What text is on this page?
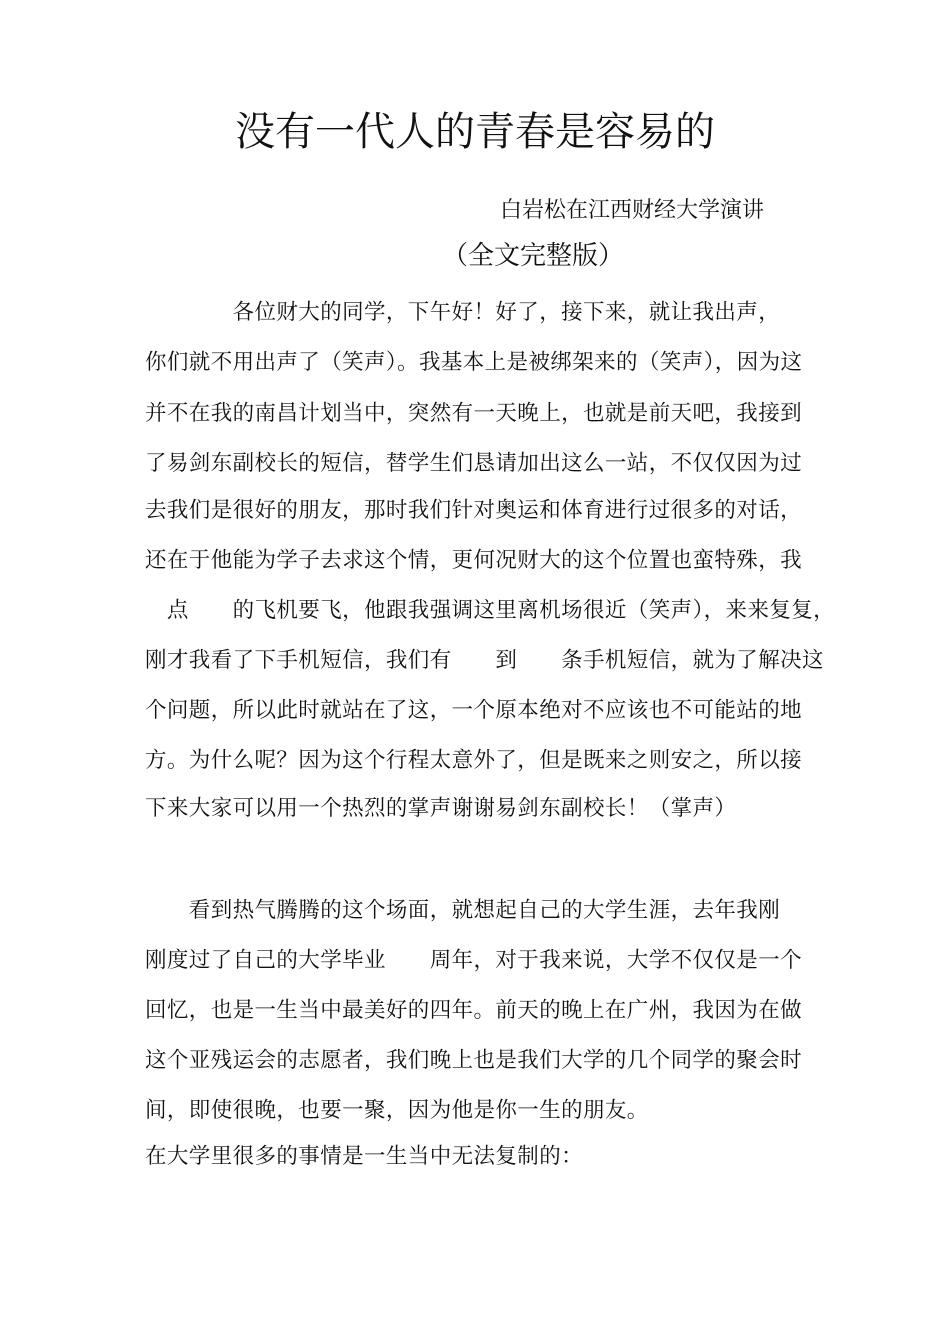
没有一代人的青春是容易的
白岩松在江西财经大学演讲
（全文完整版）
　　　　各位财大的同学，下午好！好了，接下来，就让我出声，
你们就不用出声了（笑声）。我基本上是被绑架来的（笑声），因为这
并不在我的南昌计划当中，突然有一天晚上，也就是前天吧，我接到
了易剑东副校长的短信，替学生们恳请加出这么一站，不仅仅因为过
去我们是很好的朋友，那时我们针对奥运和体育进行过很多的对话，
还在于他能为学子去求这个情，更何况财大的这个位置也蛮特殊，我
　点　　的飞机要飞，他跟我强调这里离机场很近（笑声），来来复复，
刚才我看了下手机短信，我们有　　到　　条手机短信，就为了解决这
个问题，所以此时就站在了这，一个原本绝对不应该也不可能站的地
方。为什么呢？因为这个行程太意外了，但是既来之则安之，所以接
下来大家可以用一个热烈的掌声谢谢易剑东副校长！（掌声）
　　看到热气腾腾的这个场面，就想起自己的大学生涯，去年我刚
刚度过了自己的大学毕业　　周年，对于我来说，大学不仅仅是一个
回忆，也是一生当中最美好的四年。前天的晚上在广州，我因为在做
这个亚残运会的志愿者，我们晚上也是我们大学的几个同学的聚会时
间，即使很晚，也要一聚，因为他是你一生的朋友。
在大学里很多的事情是一生当中无法复制的：
